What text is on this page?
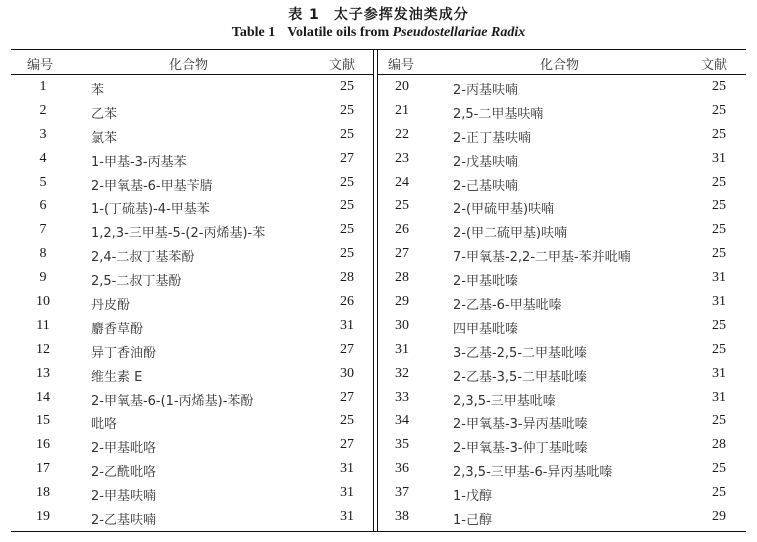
表 1 太子参挥发油类成分
Table 1 Volatile oils from Pseudostellariae Radix
编号	化合物	文献
1	苯	25
2	乙苯	25
3	氯苯	25
4	1-甲基-3-丙基苯	27
5	2-甲氧基-6-甲基苄腈	25
6	1-(丁硫基)-4-甲基苯	25
7	1,2,3-三甲基-5-(2-丙烯基)-苯	25
8	2,4-二叔丁基苯酚	25
9	2,5-二叔丁基酚	28
10	丹皮酚	26
11	麝香草酚	31
12	异丁香油酚	27
13	维生素 E	30
14	2-甲氧基-6-(1-丙烯基)-苯酚	27
15	吡咯	25
16	2-甲基吡咯	27
17	2-乙酰吡咯	31
18	2-甲基呋喃	31
19	2-乙基呋喃	31
编号	化合物	文献
20	2-丙基呋喃	25
21	2,5-二甲基呋喃	25
22	2-正丁基呋喃	25
23	2-戊基呋喃	31
24	2-己基呋喃	25
25	2-(甲硫甲基)呋喃	25
26	2-(甲二硫甲基)呋喃	25
27	7-甲氧基-2,2-二甲基-苯并吡喃	25
28	2-甲基吡嗪	31
29	2-乙基-6-甲基吡嗪	31
30	四甲基吡嗪	25
31	3-乙基-2,5-二甲基吡嗪	25
32	2-乙基-3,5-二甲基吡嗪	31
33	2,3,5-三甲基吡嗪	31
34	2-甲氧基-3-异丙基吡嗪	25
35	2-甲氧基-3-仲丁基吡嗪	28
36	2,3,5-三甲基-6-异丙基吡嗪	25
37	1-戊醇	25
38	1-己醇	29
